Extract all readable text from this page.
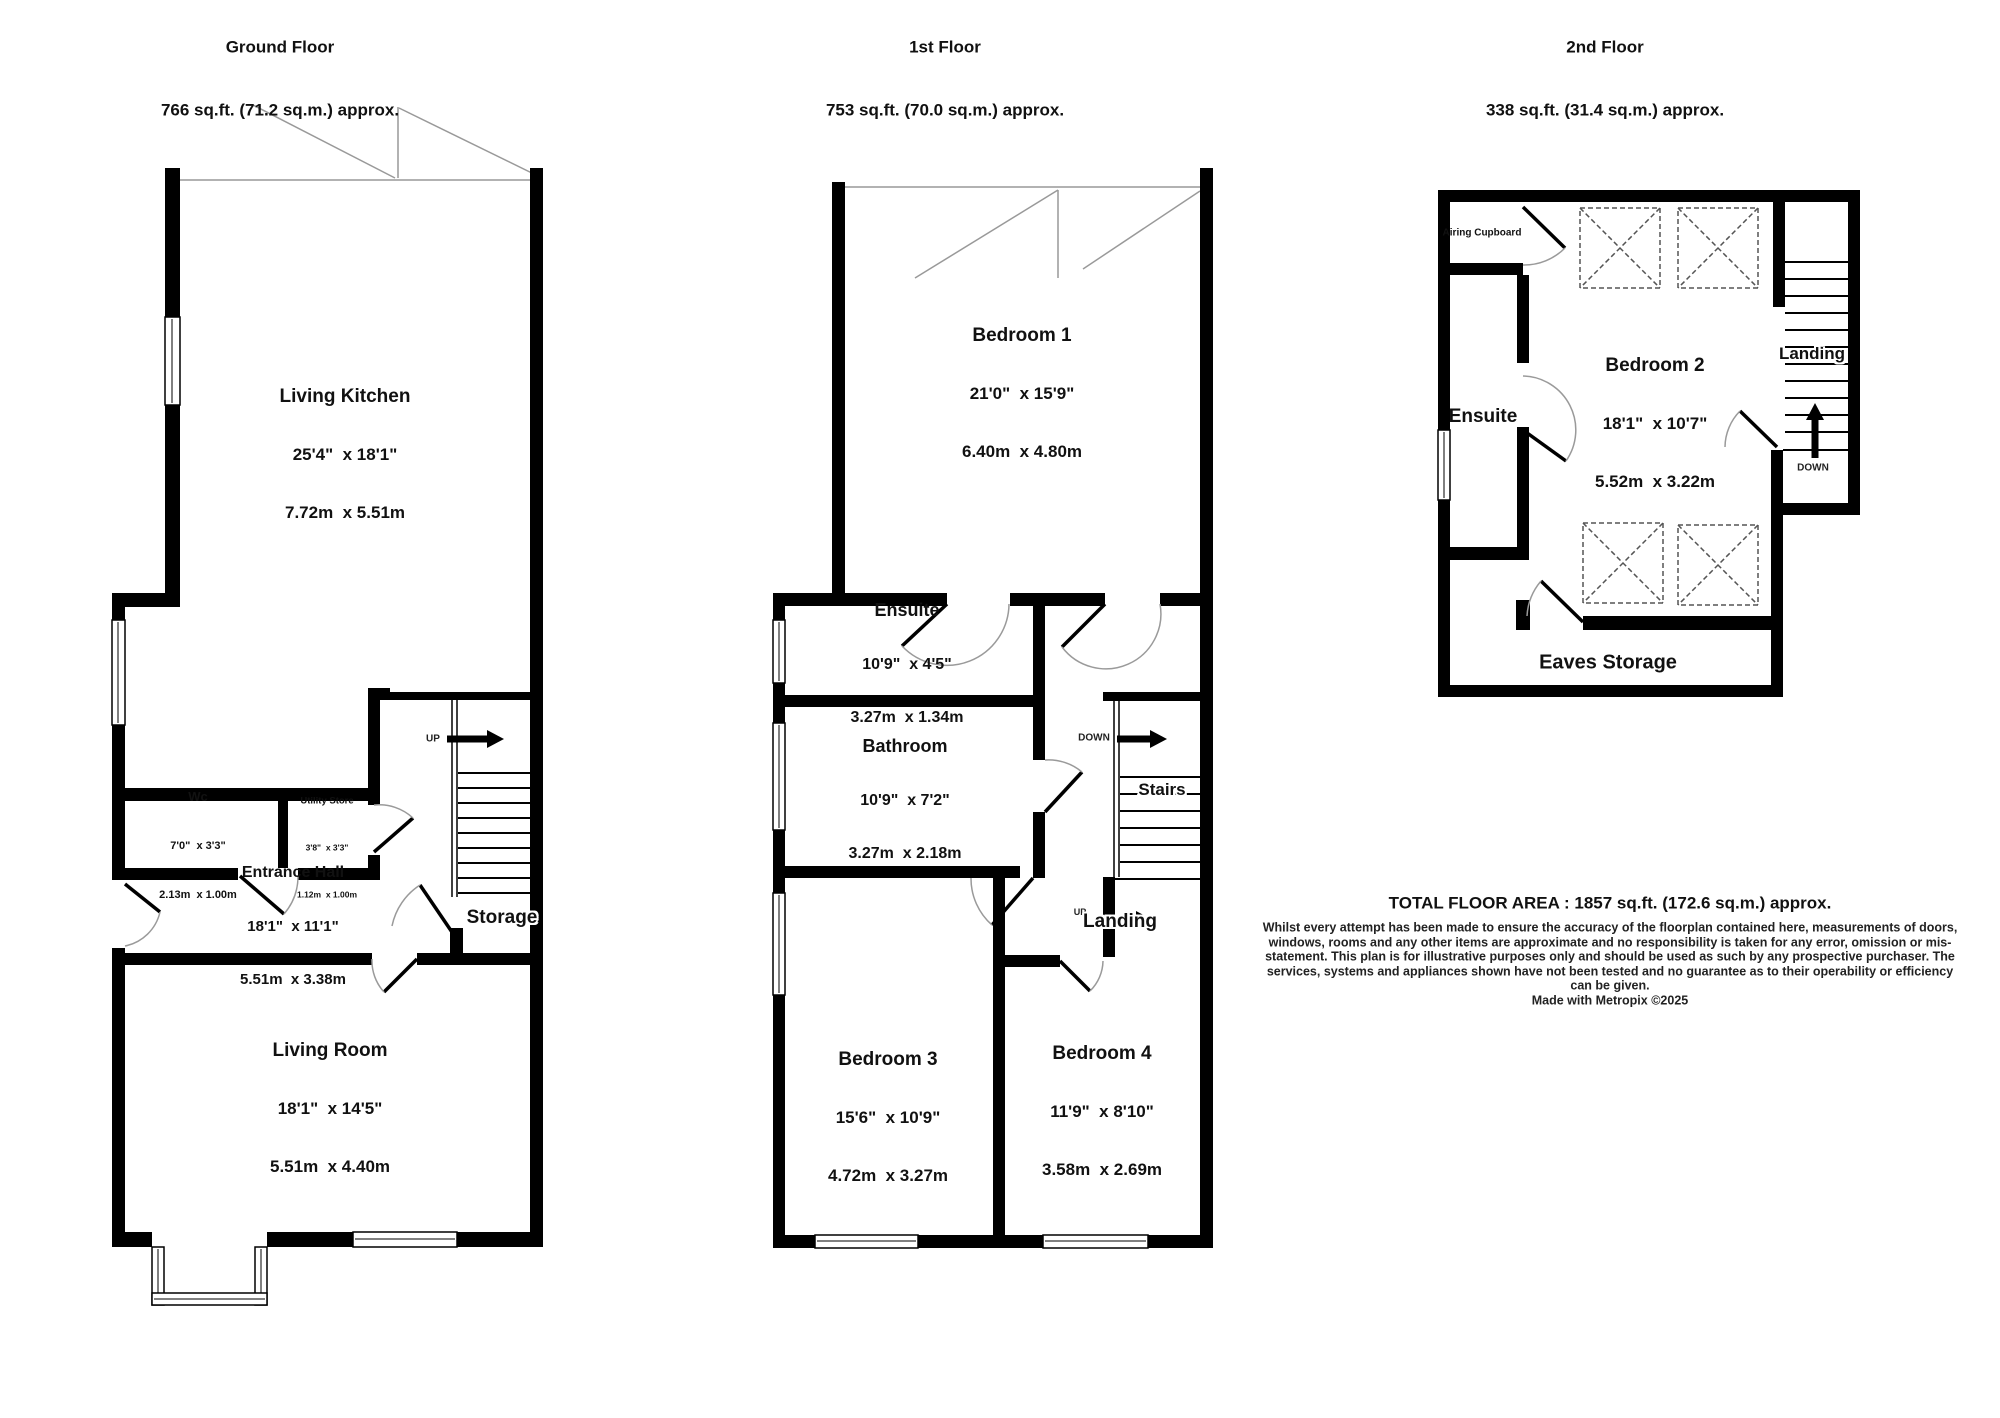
Ground Floor

766 sq.ft. (71.2 sq.m.) approx.

Living Kitchen

25'4"  x 18'1"

7.72m  x 5.51m

Wc

7'0"  x 3'3"

2.13m  x 1.00m

Utility Store

3'8"  x 3'3"

1.12m  x 1.00m

Entrance Hall

18'1"  x 11'1"

5.51m  x 3.38m

Storage
UP

Living Room

18'1"  x 14'5"

5.51m  x 4.40m

1st Floor

753 sq.ft. (70.0 sq.m.) approx.

Bedroom 1

21'0"  x 15'9"

6.40m  x 4.80m

Ensuite

10'9"  x 4'5"

3.27m  x 1.34m

Bathroom

10'9"  x 7'2"

3.27m  x 2.18m

DOWN
Stairs
UP
Landing

Bedroom 3

15'6"  x 10'9"

4.72m  x 3.27m

Bedroom 4

11'9"  x 8'10"

3.58m  x 2.69m

2nd Floor

338 sq.ft. (31.4 sq.m.) approx.

Airing Cupboard
Ensuite

Bedroom 2

18'1"  x 10'7"

5.52m  x 3.22m

Landing
DOWN
Eaves Storage
TOTAL FLOOR AREA : 1857 sq.ft. (172.6 sq.m.) approx.
Whilst every attempt has been made to ensure the accuracy of the floorplan contained here, measurements of doors, windows, rooms and any other items are approximate and no responsibility is taken for any error, omission or mis-statement. This plan is for illustrative purposes only and should be used as such by any prospective purchaser. The services, systems and appliances shown have not been tested and no guarantee as to their operability or efficiency can be given.
Made with Metropix ©2025
